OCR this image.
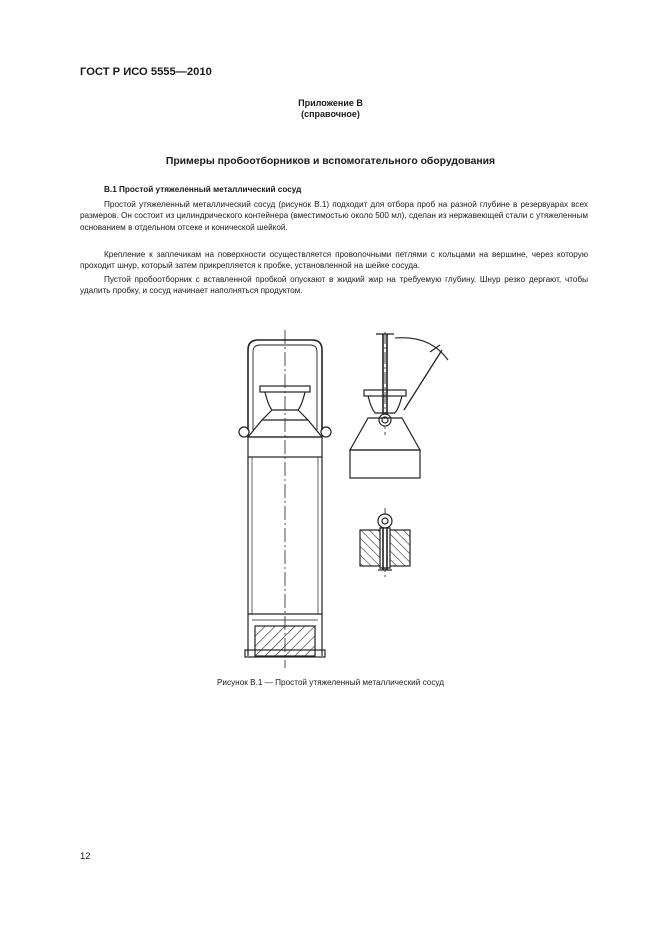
ГОСТ Р ИСО 5555—2010
Приложение В
(справочное)
Примеры пробоотборников и вспомогательного оборудования
В.1 Простой утяжеленный металлический сосуд
Простой утяжеленный металлический сосуд (рисунок В.1) подходит для отбора проб на разной глубине в резервуарах всех размеров. Он состоит из цилиндрического контейнера (вместимостью около 500 мл), сделан из нержавеющей стали с утяжеленным основанием в отдельном отсеке и конической шейкой.
Крепление к заплечикам на поверхности осуществляется проволочными петлями с кольцами на вершине, через которую проходит шнур, который затем прикрепляется к пробке, установленной на шейке сосуда.
Пустой пробоотборник с вставленной пробкой опускают в жидкий жир на требуемую глубину. Шнур резко дергают, чтобы удалить пробку, и сосуд начинает наполняться продуктом.
Рисунок В.1 — Простой утяжеленный металлический сосуд
12
